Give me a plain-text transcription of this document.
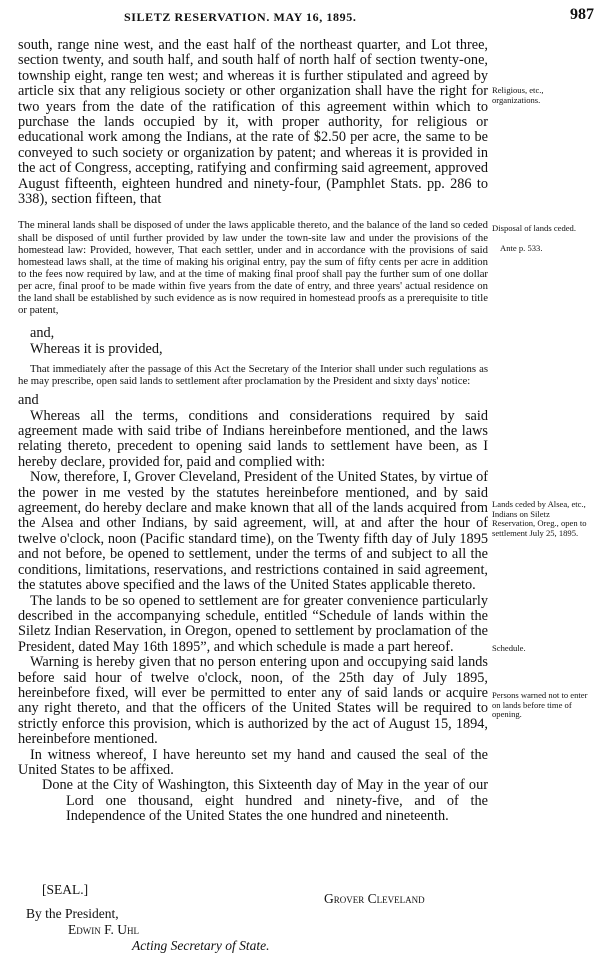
SILETZ RESERVATION. MAY 16, 1895.	987

south, range nine west, and the east half of the northeast quarter, and Lot three, section twenty, and south half, and south half of north half of section twenty-one, township eight, range ten west; and whereas it is further stipulated and agreed by article six that any religious society or other organization shall have the right for two years from the date of the ratification of this agreement within which to purchase the lands occupied by it, with proper authority, for religious or educational work among the Indians, at the rate of $2.50 per acre, the same to be conveyed to such society or organization by patent; and whereas it is provided in the act of Congress, accepting, ratifying and confirming said agreement, approved August fifteenth, eighteen hundred and ninety-four, (Pamphlet Stats. pp. 286 to 338), section fifteen, that

The mineral lands shall be disposed of under the laws applicable thereto, and the balance of the land so ceded shall be disposed of until further provided by law under the town-site law and under the provisions of the homestead law: Provided, however, That each settler, under and in accordance with the provisions of said homestead laws shall, at the time of making his original entry, pay the sum of fifty cents per acre in addition to the fees now required by law, and at the time of making final proof shall pay the further sum of one dollar per acre, final proof to be made within five years from the date of entry, and three years' actual residence on the land shall be established by such evidence as is now required in homestead proofs as a prerequisite to title or patent,

and,

Whereas it is provided,

That immediately after the passage of this Act the Secretary of the Interior shall under such regulations as he may prescribe, open said lands to settlement after proclamation by the President and sixty days' notice:

and

Whereas all the terms, conditions and considerations required by said agreement made with said tribe of Indians hereinbefore mentioned, and the laws relating thereto, precedent to opening said lands to settlement have been, as I hereby declare, provided for, paid and complied with:

Now, therefore, I, Grover Cleveland, President of the United States, by virtue of the power in me vested by the statutes hereinbefore mentioned, and by said agreement, do hereby declare and make known that all of the lands acquired from the Alsea and other Indians, by said agreement, will, at and after the hour of twelve o'clock, noon (Pacific standard time), on the Twenty fifth day of July 1895 and not before, be opened to settlement, under the terms of and subject to all the conditions, limitations, reservations, and restrictions contained in said agreement, the statutes above specified and the laws of the United States applicable thereto.

The lands to be so opened to settlement are for greater convenience particularly described in the accompanying schedule, entitled “Schedule of lands within the Siletz Indian Reservation, in Oregon, opened to settlement by proclamation of the President, dated May 16th 1895”, and which schedule is made a part hereof.

Warning is hereby given that no person entering upon and occupying said lands before said hour of twelve o'clock, noon, of the 25th day of July 1895, hereinbefore fixed, will ever be permitted to enter any of said lands or acquire any right thereto, and that the officers of the United States will be required to strictly enforce this provision, which is authorized by the act of August 15, 1894, hereinbefore mentioned.

In witness whereof, I have hereunto set my hand and caused the seal of the United States to be affixed.

Done at the City of Washington, this Sixteenth day of May in the year of our Lord one thousand, eight hundred and ninety-five, and of the Independence of the United States the one hundred and nineteenth.

Religious, etc., organizations.
Disposal of lands ceded.
Ante p. 533.
Lands ceded by Alsea, etc., Indians on Siletz Reservation, Oreg., open to settlement July 25, 1895.
Schedule.
Persons warned not to enter on lands before time of opening.
[SEAL.]
Grover Cleveland
By the President,
Edwin F. Uhl
Acting Secretary of State.
